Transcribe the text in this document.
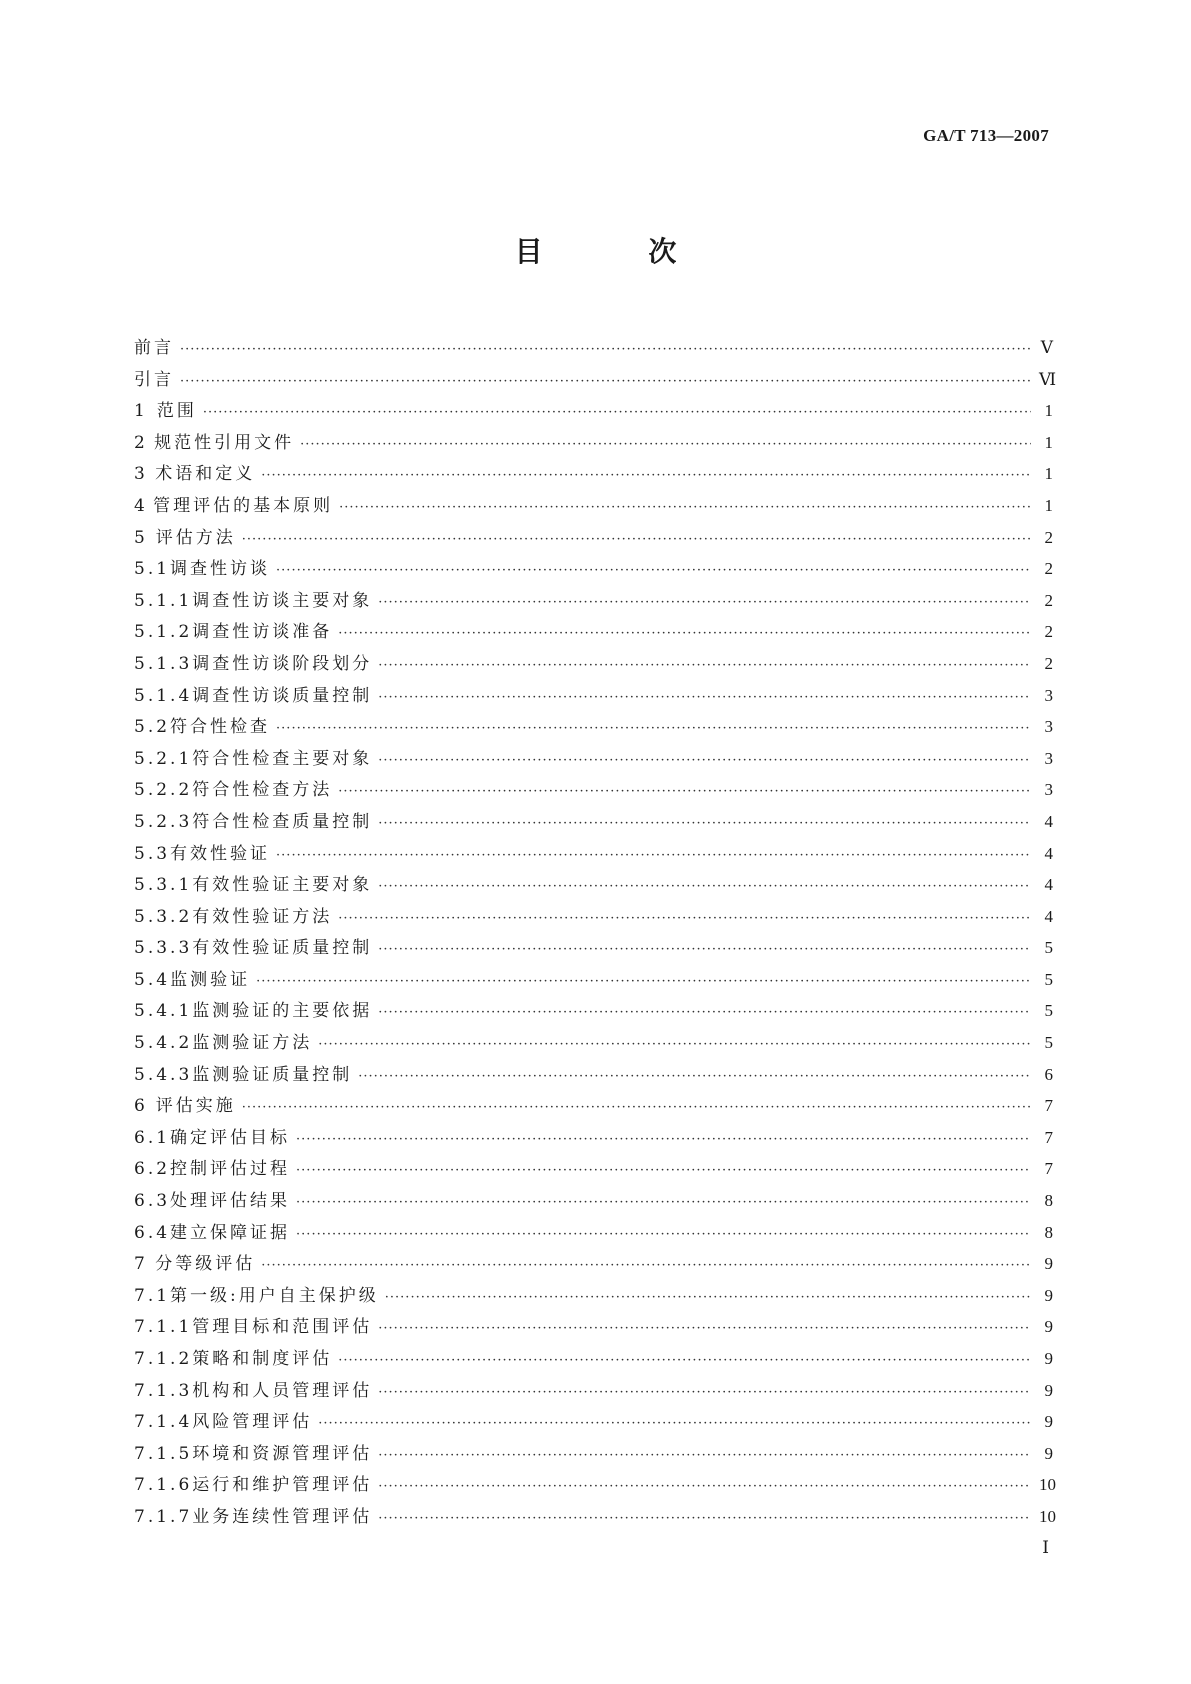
GA/T 713—2007
目 次
前言 ·····	Ⅴ
引言 ·····	Ⅵ
1 范围 ·····	1
2 规范性引用文件 ·····	1
3 术语和定义 ·····	1
4 管理评估的基本原则 ·····	1
5 评估方法 ·····	2
5.1 调查性访谈 ·····	2
5.1.1 调查性访谈主要对象 ·····	2
5.1.2 调查性访谈准备 ·····	2
5.1.3 调查性访谈阶段划分 ·····	2
5.1.4 调查性访谈质量控制 ·····	3
5.2 符合性检查 ·····	3
5.2.1 符合性检查主要对象 ·····	3
5.2.2 符合性检查方法 ·····	3
5.2.3 符合性检查质量控制 ·····	4
5.3 有效性验证 ·····	4
5.3.1 有效性验证主要对象 ·····	4
5.3.2 有效性验证方法 ·····	4
5.3.3 有效性验证质量控制 ·····	5
5.4 监测验证 ·····	5
5.4.1 监测验证的主要依据 ·····	5
5.4.2 监测验证方法 ·····	5
5.4.3 监测验证质量控制 ·····	6
6 评估实施 ·····	7
6.1 确定评估目标 ·····	7
6.2 控制评估过程 ·····	7
6.3 处理评估结果 ·····	8
6.4 建立保障证据 ·····	8
7 分等级评估 ·····	9
7.1 第一级:用户自主保护级 ·····	9
7.1.1 管理目标和范围评估 ·····	9
7.1.2 策略和制度评估 ·····	9
7.1.3 机构和人员管理评估 ·····	9
7.1.4 风险管理评估 ·····	9
7.1.5 环境和资源管理评估 ·····	9
7.1.6 运行和维护管理评估 ·····	10
7.1.7 业务连续性管理评估 ·····	10
Ⅰ
